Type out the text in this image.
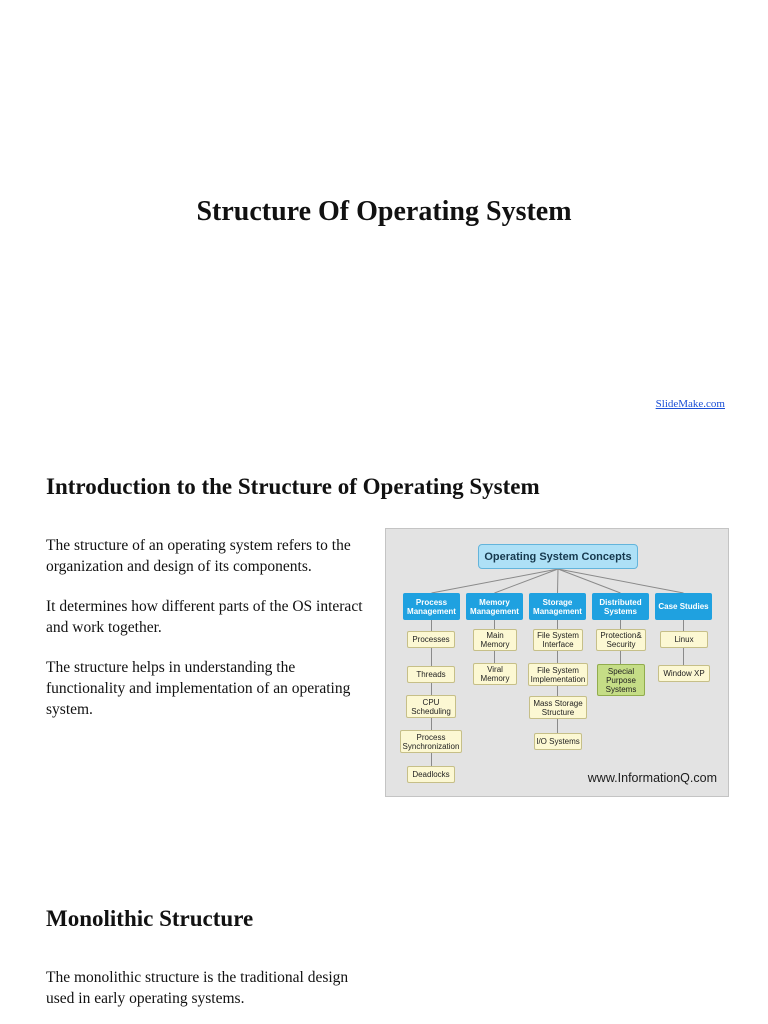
Structure Of Operating System
SlideMake.com
Introduction to the Structure of Operating System

The structure of an operating system refers to the organization and design of its components.

It determines how different parts of the OS interact and work together.

The structure helps in understanding the functionality and implementation of an operating system.

Operating System Concepts
Process Management
Memory Management
Storage Management
Distributed Systems	Case Studies
Processes
Threads
CPU Scheduling
Process Synchronization
Deadlocks
Main Memory
Viral Memory
File System Interface
File System Implementation
Mass Storage Structure
I/O Systems
Protection& Security
Special Purpose Systems
Linux
Window XP
www.InformationQ.com
Monolithic Structure

The monolithic structure is the traditional design used in early operating systems.
